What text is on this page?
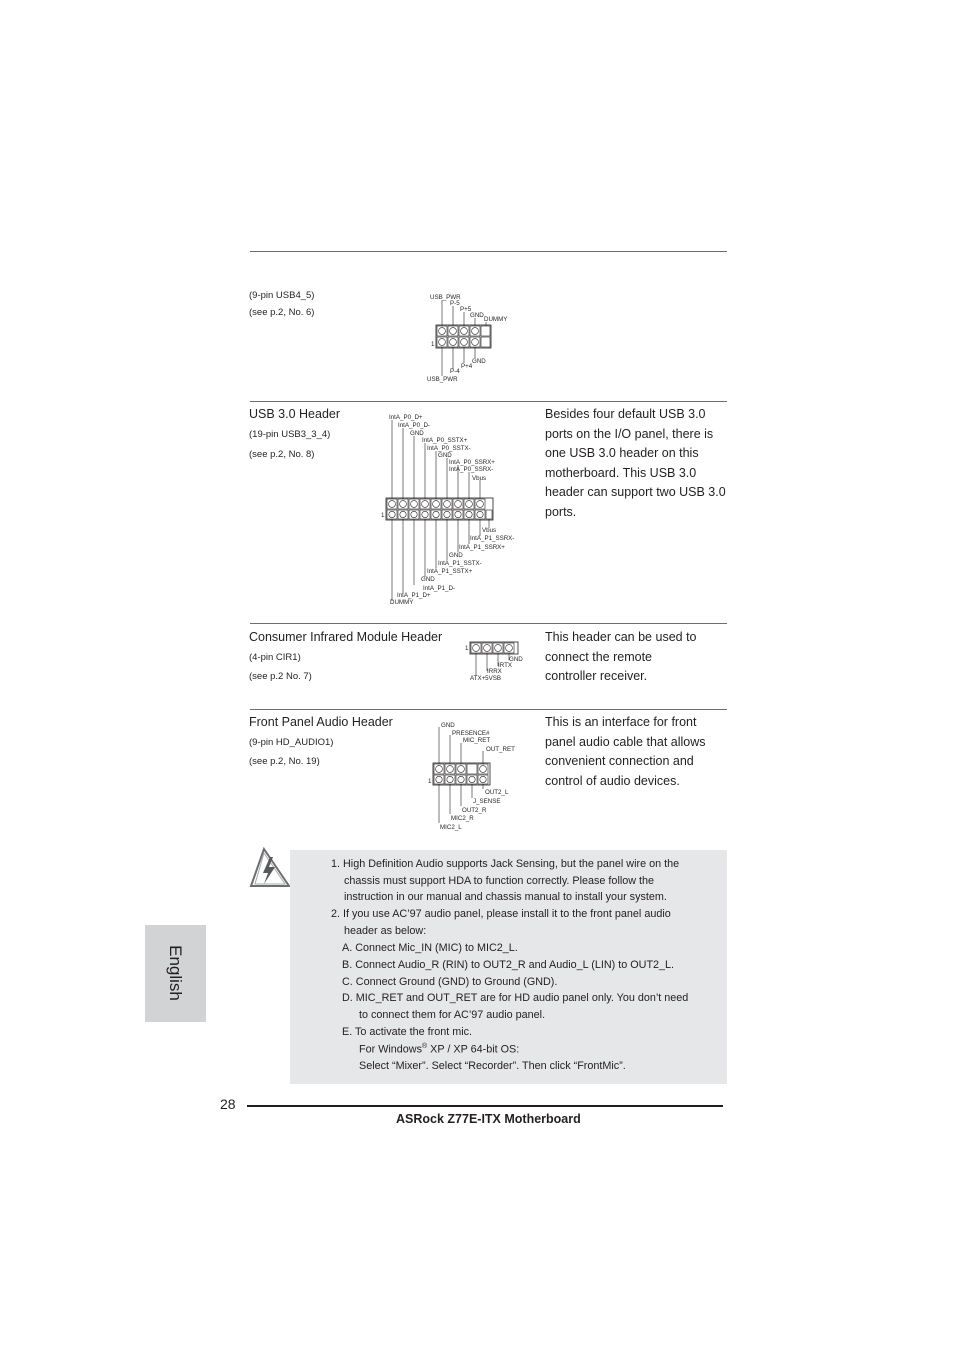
(9-pin USB4_5)
(see p.2, No. 6)
USB_PWR
P-5
P+5
GND
DUMMY
GND
P+4
P-4
USB_PWR
1
USB 3.0 Header
(19-pin USB3_3_4)
(see p.2, No. 8)
Besides four default USB 3.0
ports on the I/O panel, there is
one USB 3.0 header on this
motherboard. This USB 3.0
header can support two USB 3.0
ports.
IntA_P0_D+
IntA_P0_D-
GND
IntA_P0_SSTX+
IntA_P0_SSTX-
GND
IntA_P0_SSRX+
IntA_P0_SSRX-
Vbus
Vbus
IntA_P1_SSRX-
IntA_P1_SSRX+
GND
IntA_P1_SSTX-
IntA_P1_SSTX+
GND
IntA_P1_D-
IntA_P1_D+
DUMMY
1
Consumer Infrared Module Header
(4-pin CIR1)
(see p.2 No. 7)
This header can be used to
connect the remote
controller receiver.
GND
IRTX
IRRX
ATX+5VSB
1
Front Panel Audio Header
(9-pin HD_AUDIO1)
(see p.2, No. 19)
This is an interface for front
panel audio cable that allows
convenient connection and
control of audio devices.
GND
PRESENCE#
MIC_RET
OUT_RET
OUT2_L
J_SENSE
OUT2_R
MIC2_R
MIC2_L
1
1. High Definition Audio supports Jack Sensing, but the panel wire on the
chassis must support HDA to function correctly. Please follow the
instruction in our manual and chassis manual to install your system.
2. If you use AC’97 audio panel, please install it to the front panel audio
header as below:
A. Connect Mic_IN (MIC) to MIC2_L.
B. Connect Audio_R (RIN) to OUT2_R and Audio_L (LIN) to OUT2_L.
C. Connect Ground (GND) to Ground (GND).
D. MIC_RET and OUT_RET are for HD audio panel only. You don’t need
to connect them for AC’97 audio panel.
E. To activate the front mic.
For Windows® XP / XP 64-bit OS:
Select “Mixer”. Select “Recorder”. Then click “FrontMic”.
English
28
ASRock Z77E-ITX Motherboard
